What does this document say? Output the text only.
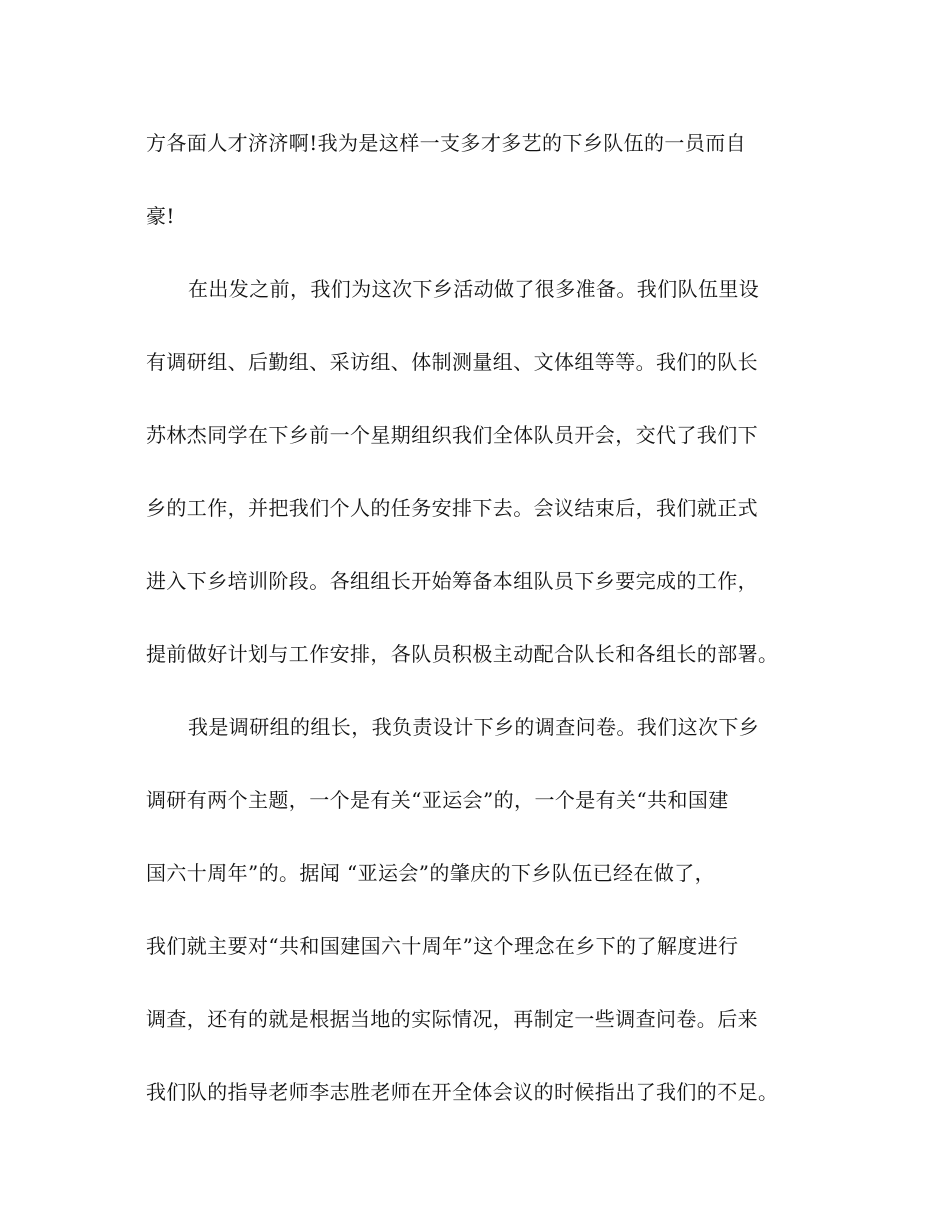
方各面人才济济啊!我为是这样一支多才多艺的下乡队伍的一员而自
豪!
在出发之前，我们为这次下乡活动做了很多准备。我们队伍里设
有调研组、后勤组、采访组、体制测量组、文体组等等。我们的队长
苏林杰同学在下乡前一个星期组织我们全体队员开会，交代了我们下
乡的工作，并把我们个人的任务安排下去。会议结束后，我们就正式
进入下乡培训阶段。各组组长开始筹备本组队员下乡要完成的工作，
提前做好计划与工作安排，各队员积极主动配合队长和各组长的部署。
我是调研组的组长，我负责设计下乡的调查问卷。我们这次下乡
调研有两个主题，一个是有关“亚运会”的，一个是有关“共和国建
国六十周年”的。据闻 “亚运会”的肇庆的下乡队伍已经在做了，
我们就主要对“共和国建国六十周年”这个理念在乡下的了解度进行
调查，还有的就是根据当地的实际情况，再制定一些调查问卷。后来
我们队的指导老师李志胜老师在开全体会议的时候指出了我们的不足。
